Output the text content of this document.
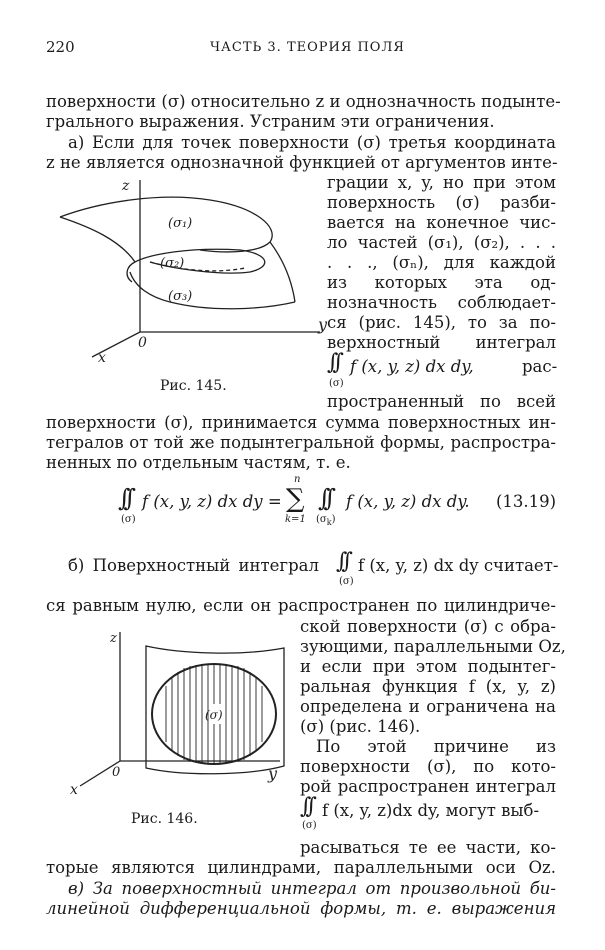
220	ЧАСТЬ 3. ТЕОРИЯ ПОЛЯ
поверхности (σ) относительно z и однозначность подынте-
грального выражения. Устраним эти ограничения.
а) Если для точек поверхности (σ) третья координата
z не является однозначной функцией от аргументов инте-
грации x, y, но при этом
поверхность (σ) разби-
вается на конечное чис-
ло частей (σ₁), (σ₂), . . .
. . ., (σₙ), для каждой
из которых эта од-
нозначность соблюдает-
ся (рис. 145), то за по-
верхностный интеграл
∫∫
(σ)
f (x, y, z) dx dy,	рас-
пространенный по всей
поверхности (σ), принимается сумма поверхностных ин-
тегралов от той же подынтегральной формы, распростра-
ненных по отдельным частям, т. е.
∫∫
(σ)
f (x, y, z) dx dy =
n
∑
k=1
∫∫
$(\sigma_k)$
f (x, y, z) dx dy. (13.19)
б) Поверхностный интеграл ∫∫
(σ)
f (x, y, z) dx dy считает-
ся равным нулю, если он распространен по цилиндриче-
ской поверхности (σ) с обра-
зующими, параллельными Oz,
и если при этом подынтег-
ральная функция f (x, y, z)
определена и ограничена на
(σ) (рис. 146).
По этой причине из
поверхности (σ), по кото-
рой распространен интеграл
∫∫
(σ)
f (x, y, z)dx dy, могут выб-
расываться те ее части, ко-
торые являются цилиндрами, параллельными оси Oz.
в) За поверхностный интеграл от произвольной би-
линейной дифференциальной формы, т. е. выражения
z
y
x
0
(σ₁)
(σ₂)
(σ₃)
Рис. 145.
z
y
x
0
(σ)
Рис. 146.
